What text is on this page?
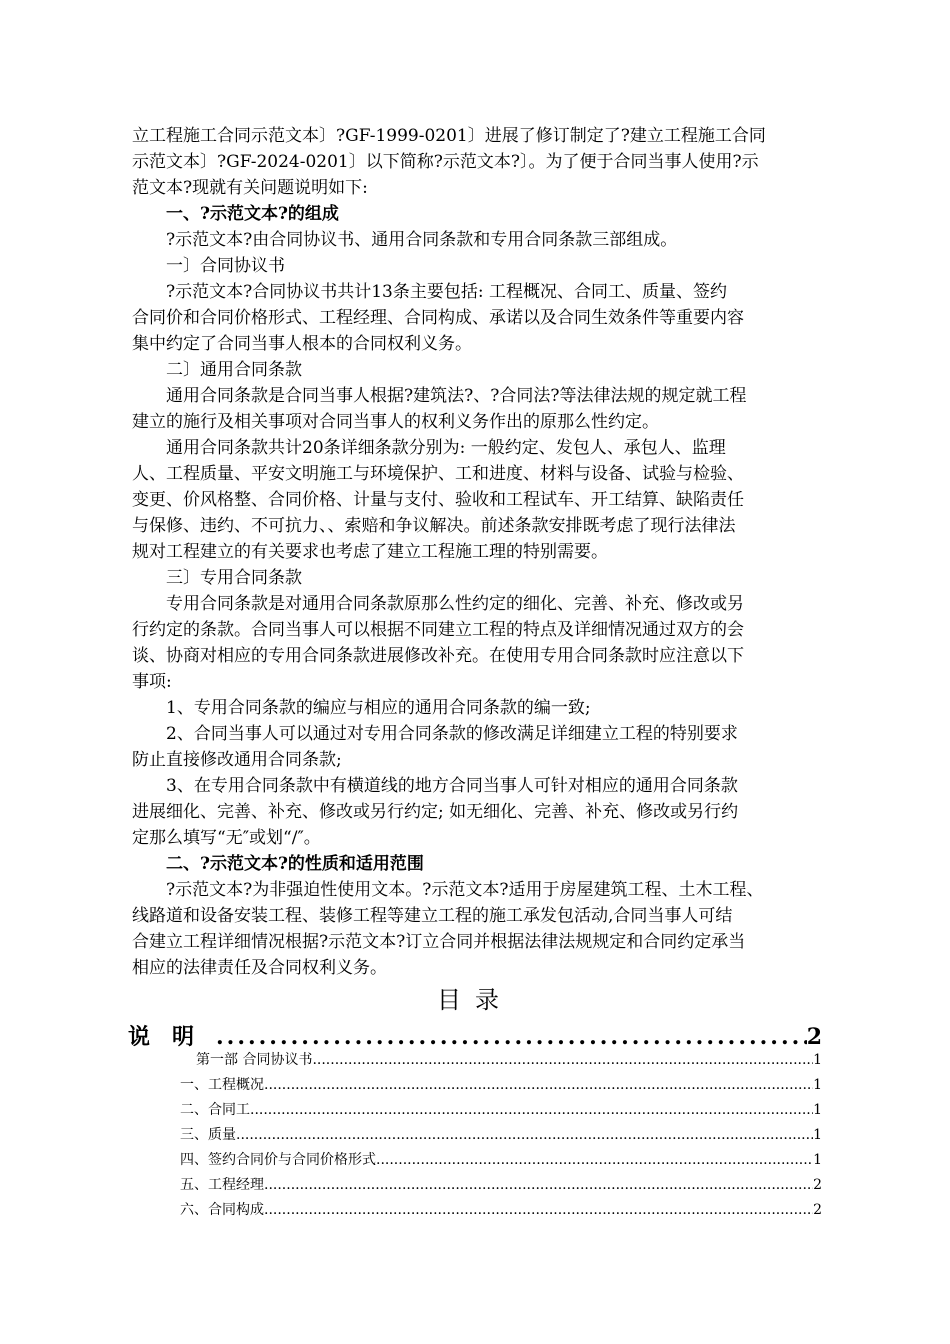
立工程施工合同示范文本〕?GF-1999-0201〕进展了修订制定了?建立工程施工合同
示范文本〕?GF-2024-0201〕以下简称?示范文本?〕。为了便于合同当事人使用?示
范文本?现就有关问题说明如下:
一、?示范文本?的组成
?示范文本?由合同协议书、通用合同条款和专用合同条款三部组成。
一〕合同协议书
?示范文本?合同协议书共计13条主要包括: 工程概况、合同工、质量、签约
合同价和合同价格形式、工程经理、合同构成、承诺以及合同生效条件等重要内容
集中约定了合同当事人根本的合同权利义务。
二〕通用合同条款
通用合同条款是合同当事人根据?建筑法?、?合同法?等法律法规的规定就工程
建立的施行及相关事项对合同当事人的权利义务作出的原那么性约定。
通用合同条款共计20条详细条款分别为: 一般约定、发包人、承包人、监理
人、工程质量、平安文明施工与环境保护、工和进度、材料与设备、试验与检验、
变更、价风格整、合同价格、计量与支付、验收和工程试车、开工结算、缺陷责任
与保修、违约、不可抗力、、索赔和争议解决。前述条款安排既考虑了现行法律法
规对工程建立的有关要求也考虑了建立工程施工理的特别需要。
三〕专用合同条款
专用合同条款是对通用合同条款原那么性约定的细化、完善、补充、修改或另
行约定的条款。合同当事人可以根据不同建立工程的特点及详细情况通过双方的会
谈、协商对相应的专用合同条款进展修改补充。在使用专用合同条款时应注意以下
事项:
1、专用合同条款的编应与相应的通用合同条款的编一致;
2、合同当事人可以通过对专用合同条款的修改满足详细建立工程的特别要求
防止直接修改通用合同条款;
3、在专用合同条款中有横道线的地方合同当事人可针对相应的通用合同条款
进展细化、完善、补充、修改或另行约定; 如无细化、完善、补充、修改或另行约
定那么填写“无″或划“/″。
二、?示范文本?的性质和适用范围
?示范文本?为非强迫性使用文本。?示范文本?适用于房屋建筑工程、土木工程、
线路道和设备安装工程、装修工程等建立工程的施工承发包活动,合同当事人可结
合建立工程详细情况根据?示范文本?订立合同并根据法律法规规定和合同约定承当
相应的法律责任及合同权利义务。
目录
说明 .....	2
第一部 合同协议书 .....	1
一、工程概况 .....	1
二、合同工 .....	1
三、质量 .....	1
四、签约合同价与合同价格形式 .....	1
五、工程经理 .....	2
六、合同构成 .....	2
